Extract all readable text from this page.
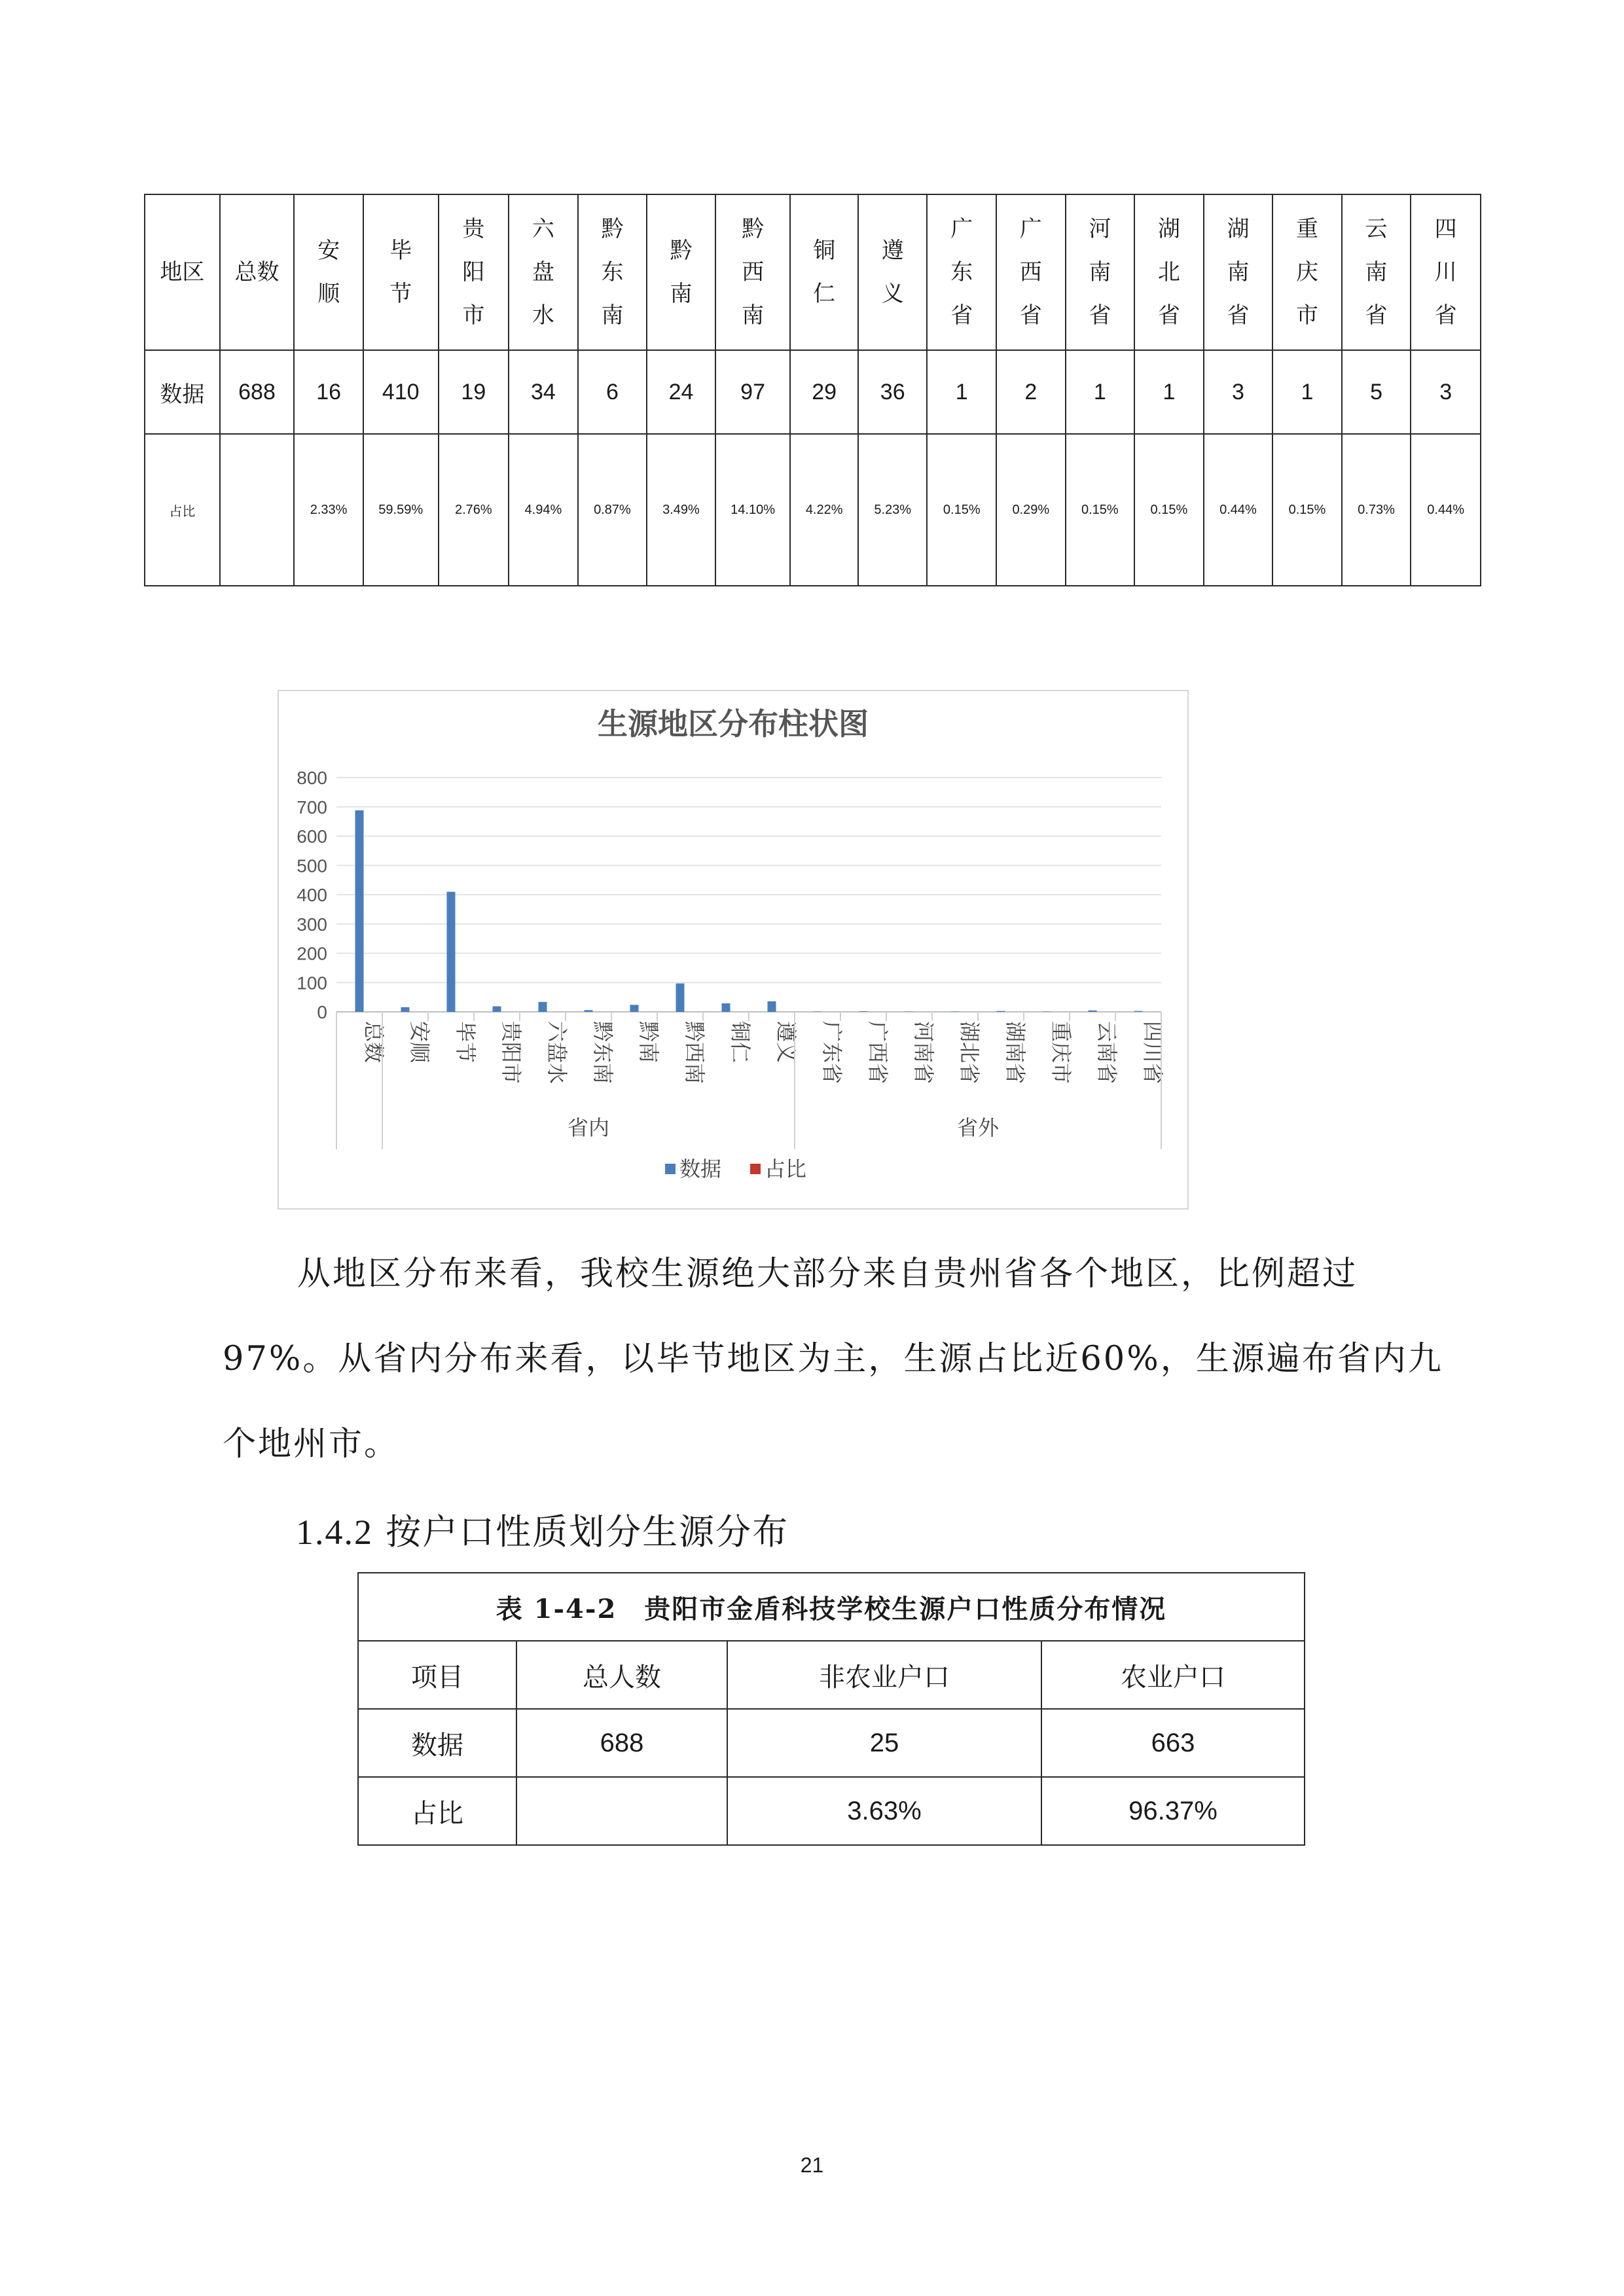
地区	总数	安顺	毕节	贵阳市	六盘水	黔东南	黔南	黔西南	铜仁	遵义	广东省	广西省	河南省	湖北省	湖南省	重庆市	云南省	四川省
数据	688	16	410	19	34	6	24	97	29	36	1	2	1	1	3	1	5	3
占比		2.33%	59.59%	2.76%	4.94%	0.87%	3.49%	14.10%	4.22%	5.23%	0.15%	0.29%	0.15%	0.15%	0.44%	0.15%	0.73%	0.44%
生源地区分布柱状图
0
100
200
300
400
500
600
700
800
总数 安顺 毕节 贵阳市 六盘水 黔东南 黔南 黔西南 铜仁 遵义 广东省 广西省 河南省 湖北省 湖南省 重庆市 云南省 四川省
省内	省外
数据 占比

从地区分布来看，我校生源绝大部分来自贵州省各个地区，比例超过97%。从省内分布来看，以毕节地区为主，生源占比近60%，生源遍布省内九个地州市。

1.4.2 按户口性质划分生源分布
表 1-4-2　贵阳市金盾科技学校生源户口性质分布情况			
项目	总人数	非农业户口	农业户口
数据	688	25	663
占比		3.63%	96.37%
21
